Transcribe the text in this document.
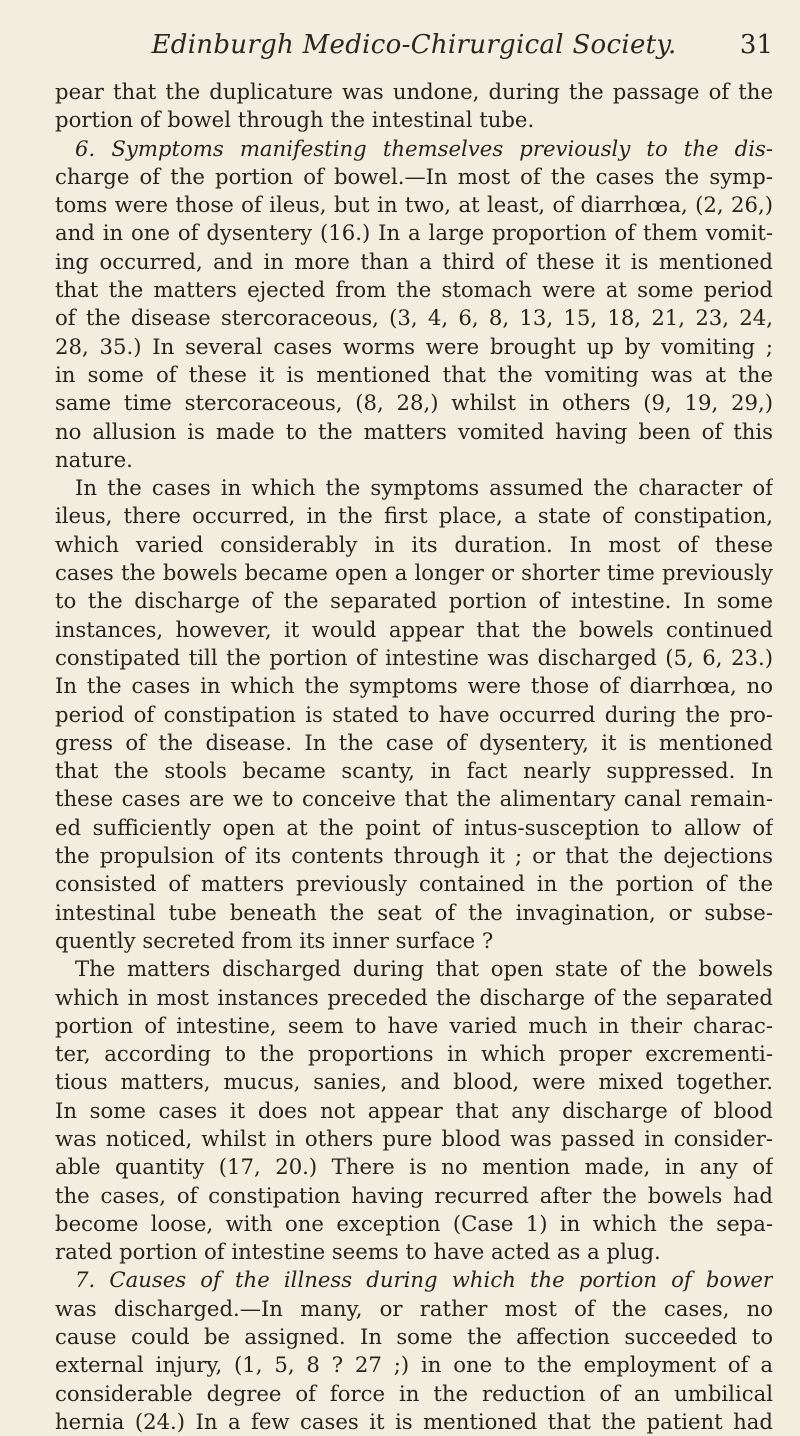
Edinburgh Medico-Chirurgical Society.	31
pear that the duplicature was undone, during the passage of the
portion of bowel through the intestinal tube.
6. Symptoms manifesting themselves previously to the dis-
charge of the portion of bowel.—In most of the cases the symp-
toms were those of ileus, but in two, at least, of diarrhœa, (2, 26,)
and in one of dysentery (16.) In a large proportion of them vomit-
ing occurred, and in more than a third of these it is mentioned
that the matters ejected from the stomach were at some period
of the disease stercoraceous, (3, 4, 6, 8, 13, 15, 18, 21, 23, 24,
28, 35.) In several cases worms were brought up by vomiting ;
in some of these it is mentioned that the vomiting was at the
same time stercoraceous, (8, 28,) whilst in others (9, 19, 29,)
no allusion is made to the matters vomited having been of this
nature.
In the cases in which the symptoms assumed the character of
ileus, there occurred, in the first place, a state of constipation,
which varied considerably in its duration. In most of these
cases the bowels became open a longer or shorter time previously
to the discharge of the separated portion of intestine. In some
instances, however, it would appear that the bowels continued
constipated till the portion of intestine was discharged (5, 6, 23.)
In the cases in which the symptoms were those of diarrhœa, no
period of constipation is stated to have occurred during the pro-
gress of the disease. In the case of dysentery, it is mentioned
that the stools became scanty, in fact nearly suppressed. In
these cases are we to conceive that the alimentary canal remain-
ed sufficiently open at the point of intus-susception to allow of
the propulsion of its contents through it ; or that the dejections
consisted of matters previously contained in the portion of the
intestinal tube beneath the seat of the invagination, or subse-
quently secreted from its inner surface ?
The matters discharged during that open state of the bowels
which in most instances preceded the discharge of the separated
portion of intestine, seem to have varied much in their charac-
ter, according to the proportions in which proper excrementi-
tious matters, mucus, sanies, and blood, were mixed together.
In some cases it does not appear that any discharge of blood
was noticed, whilst in others pure blood was passed in consider-
able quantity (17, 20.) There is no mention made, in any of
the cases, of constipation having recurred after the bowels had
become loose, with one exception (Case 1) in which the sepa-
rated portion of intestine seems to have acted as a plug.
7. Causes of the illness during which the portion of bower
was discharged.—In many, or rather most of the cases, no
cause could be assigned. In some the affection succeeded to
external injury, (1, 5, 8 ? 27 ;) in one to the employment of a
considerable degree of force in the reduction of an umbilical
hernia (24.) In a few cases it is mentioned that the patient had
